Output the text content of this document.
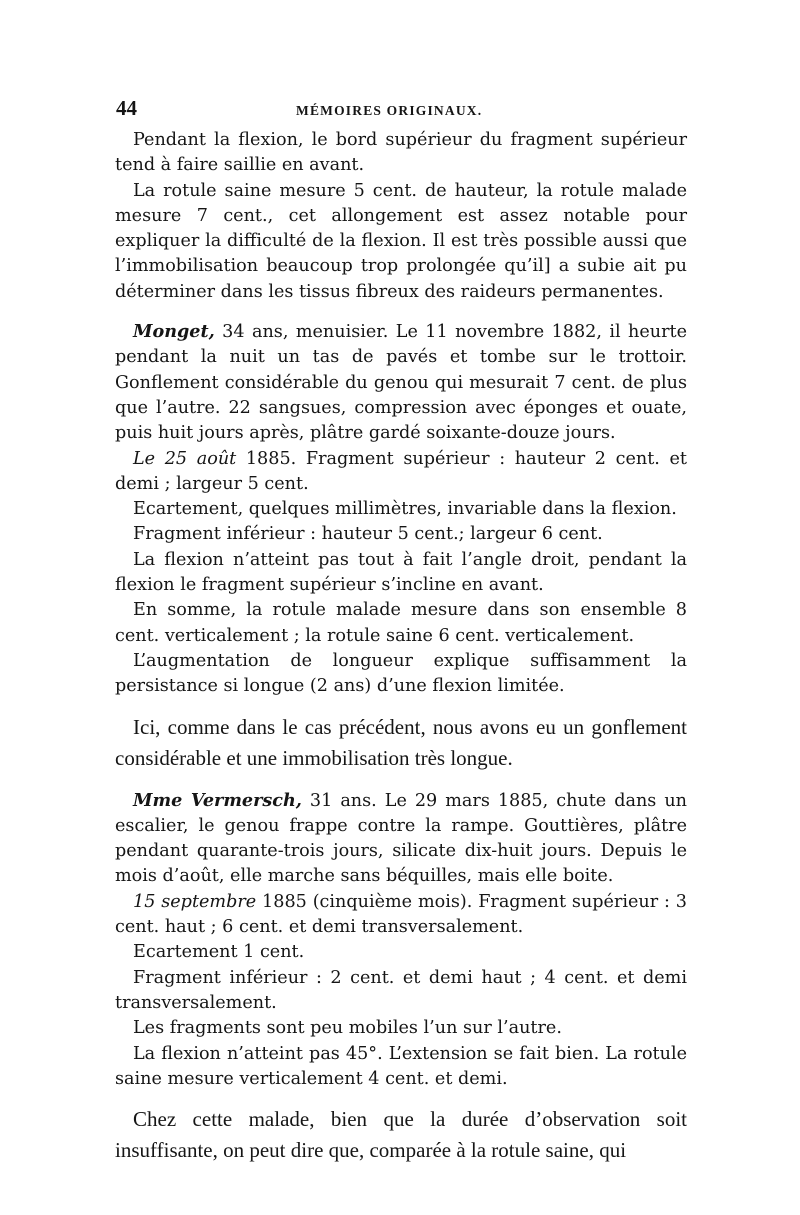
44	MÉMOIRES ORIGINAUX.

Pendant la flexion, le bord supérieur du fragment supérieur tend à faire saillie en avant.

La rotule saine mesure 5 cent. de hauteur, la rotule malade mesure 7 cent., cet allongement est assez notable pour expliquer la difficulté de la flexion. Il est très possible aussi que l’immobilisation beaucoup trop prolongée qu’il] a subie ait pu déterminer dans les tissus fibreux des raideurs permanentes.

Monget, 34 ans, menuisier. Le 11 novembre 1882, il heurte pendant la nuit un tas de pavés et tombe sur le trottoir. Gonflement considérable du genou qui mesurait 7 cent. de plus que l’autre. 22 sangsues, compression avec éponges et ouate, puis huit jours après, plâtre gardé soixante-douze jours.

Le 25 août 1885. Fragment supérieur : hauteur 2 cent. et demi ; largeur 5 cent.

Ecartement, quelques millimètres, invariable dans la flexion.

Fragment inférieur : hauteur 5 cent.; largeur 6 cent.

La flexion n’atteint pas tout à fait l’angle droit, pendant la flexion le fragment supérieur s’incline en avant.

En somme, la rotule malade mesure dans son ensemble 8 cent. verticalement ; la rotule saine 6 cent. verticalement.

L’augmentation de longueur explique suffisamment la persistance si longue (2 ans) d’une flexion limitée.

Ici, comme dans le cas précédent, nous avons eu un gonflement considérable et une immobilisation très longue.

Mme Vermersch, 31 ans. Le 29 mars 1885, chute dans un escalier, le genou frappe contre la rampe. Gouttières, plâtre pendant quarante-trois jours, silicate dix-huit jours. Depuis le mois d’août, elle marche sans béquilles, mais elle boite.

15 septembre 1885 (cinquième mois). Fragment supérieur : 3 cent. haut ; 6 cent. et demi transversalement.

Ecartement 1 cent.

Fragment inférieur : 2 cent. et demi haut ; 4 cent. et demi transversalement.

Les fragments sont peu mobiles l’un sur l’autre.

La flexion n’atteint pas 45°. L’extension se fait bien. La rotule saine mesure verticalement 4 cent. et demi.

Chez cette malade, bien que la durée d’observation soit insuffisante, on peut dire que, comparée à la rotule saine, qui
